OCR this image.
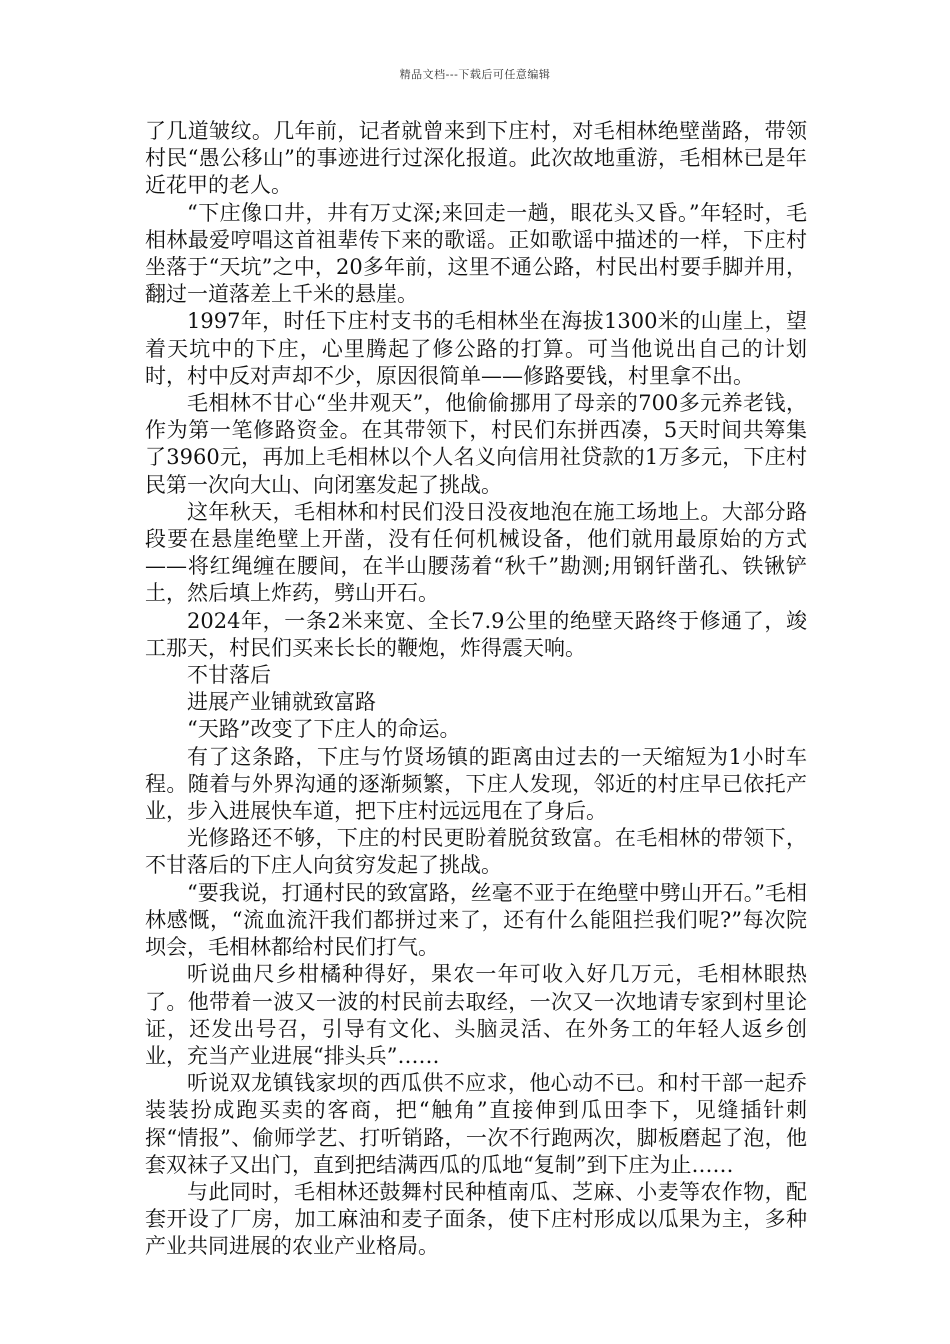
精品文档---下载后可任意编辑

了几道皱纹。几年前，记者就曾来到下庄村，对毛相林绝壁凿路，带领村民“愚公移山”的事迹进行过深化报道。此次故地重游，毛相林已是年近花甲的老人。

“下庄像口井，井有万丈深;来回走一趟，眼花头又昏。”年轻时，毛相林最爱哼唱这首祖辈传下来的歌谣。正如歌谣中描述的一样，下庄村坐落于“天坑”之中，20多年前，这里不通公路，村民出村要手脚并用，翻过一道落差上千米的悬崖。

1997年，时任下庄村支书的毛相林坐在海拔1300米的山崖上，望着天坑中的下庄，心里腾起了修公路的打算。可当他说出自己的计划时，村中反对声却不少，原因很简单——修路要钱，村里拿不出。

毛相林不甘心“坐井观天”，他偷偷挪用了母亲的700多元养老钱，作为第一笔修路资金。在其带领下，村民们东拼西凑，5天时间共筹集了3960元，再加上毛相林以个人名义向信用社贷款的1万多元，下庄村民第一次向大山、向闭塞发起了挑战。

这年秋天，毛相林和村民们没日没夜地泡在施工场地上。大部分路段要在悬崖绝壁上开凿，没有任何机械设备，他们就用最原始的方式——将红绳缠在腰间，在半山腰荡着“秋千”勘测;用钢钎凿孔、铁锹铲土，然后填上炸药，劈山开石。

2024年，一条2米来宽、全长7.9公里的绝壁天路终于修通了，竣工那天，村民们买来长长的鞭炮，炸得震天响。

不甘落后

进展产业铺就致富路

“天路”改变了下庄人的命运。

有了这条路，下庄与竹贤场镇的距离由过去的一天缩短为1小时车程。随着与外界沟通的逐渐频繁，下庄人发现，邻近的村庄早已依托产业，步入进展快车道，把下庄村远远甩在了身后。

光修路还不够，下庄的村民更盼着脱贫致富。在毛相林的带领下，不甘落后的下庄人向贫穷发起了挑战。

“要我说，打通村民的致富路，丝毫不亚于在绝壁中劈山开石。”毛相林感慨，“流血流汗我们都拼过来了，还有什么能阻拦我们呢?”每次院坝会，毛相林都给村民们打气。

听说曲尺乡柑橘种得好，果农一年可收入好几万元，毛相林眼热了。他带着一波又一波的村民前去取经，一次又一次地请专家到村里论证，还发出号召，引导有文化、头脑灵活、在外务工的年轻人返乡创业，充当产业进展“排头兵”……

听说双龙镇钱家坝的西瓜供不应求，他心动不已。和村干部一起乔装装扮成跑买卖的客商，把“触角”直接伸到瓜田李下，见缝插针刺探“情报”、偷师学艺、打听销路，一次不行跑两次，脚板磨起了泡，他套双袜子又出门，直到把结满西瓜的瓜地“复制”到下庄为止……

与此同时，毛相林还鼓舞村民种植南瓜、芝麻、小麦等农作物，配套开设了厂房，加工麻油和麦子面条，使下庄村形成以瓜果为主，多种产业共同进展的农业产业格局。
